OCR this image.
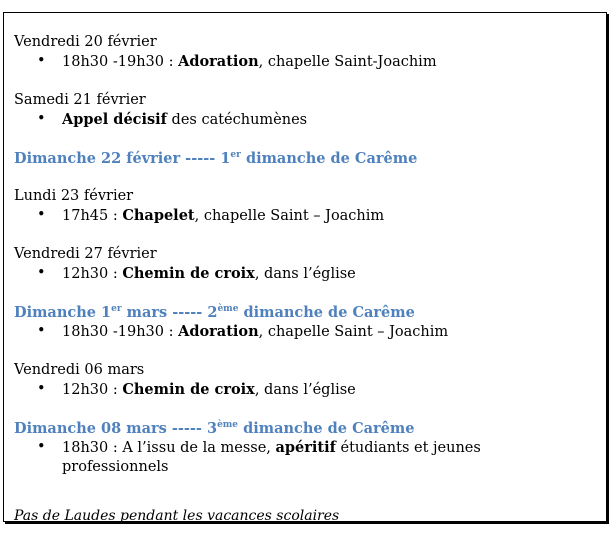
Vendredi 20 février

• 18h30 -19h30 : Adoration, chapelle Saint-Joachim

Samedi 21 février

• Appel décisif des catéchumènes

Dimanche 22 février ----- 1er dimanche de Carême

Lundi 23 février

• 17h45 : Chapelet, chapelle Saint – Joachim

Vendredi 27 février

• 12h30 : Chemin de croix, dans l’église

Dimanche 1er mars ----- 2ème dimanche de Carême

• 18h30 -19h30 : Adoration, chapelle Saint – Joachim

Vendredi 06 mars

• 12h30 : Chemin de croix, dans l’église

Dimanche 08 mars ----- 3ème dimanche de Carême

• 18h30 : A l’issu de la messe, apéritif étudiants et jeunes professionnels
Pas de Laudes pendant les vacances scolaires
